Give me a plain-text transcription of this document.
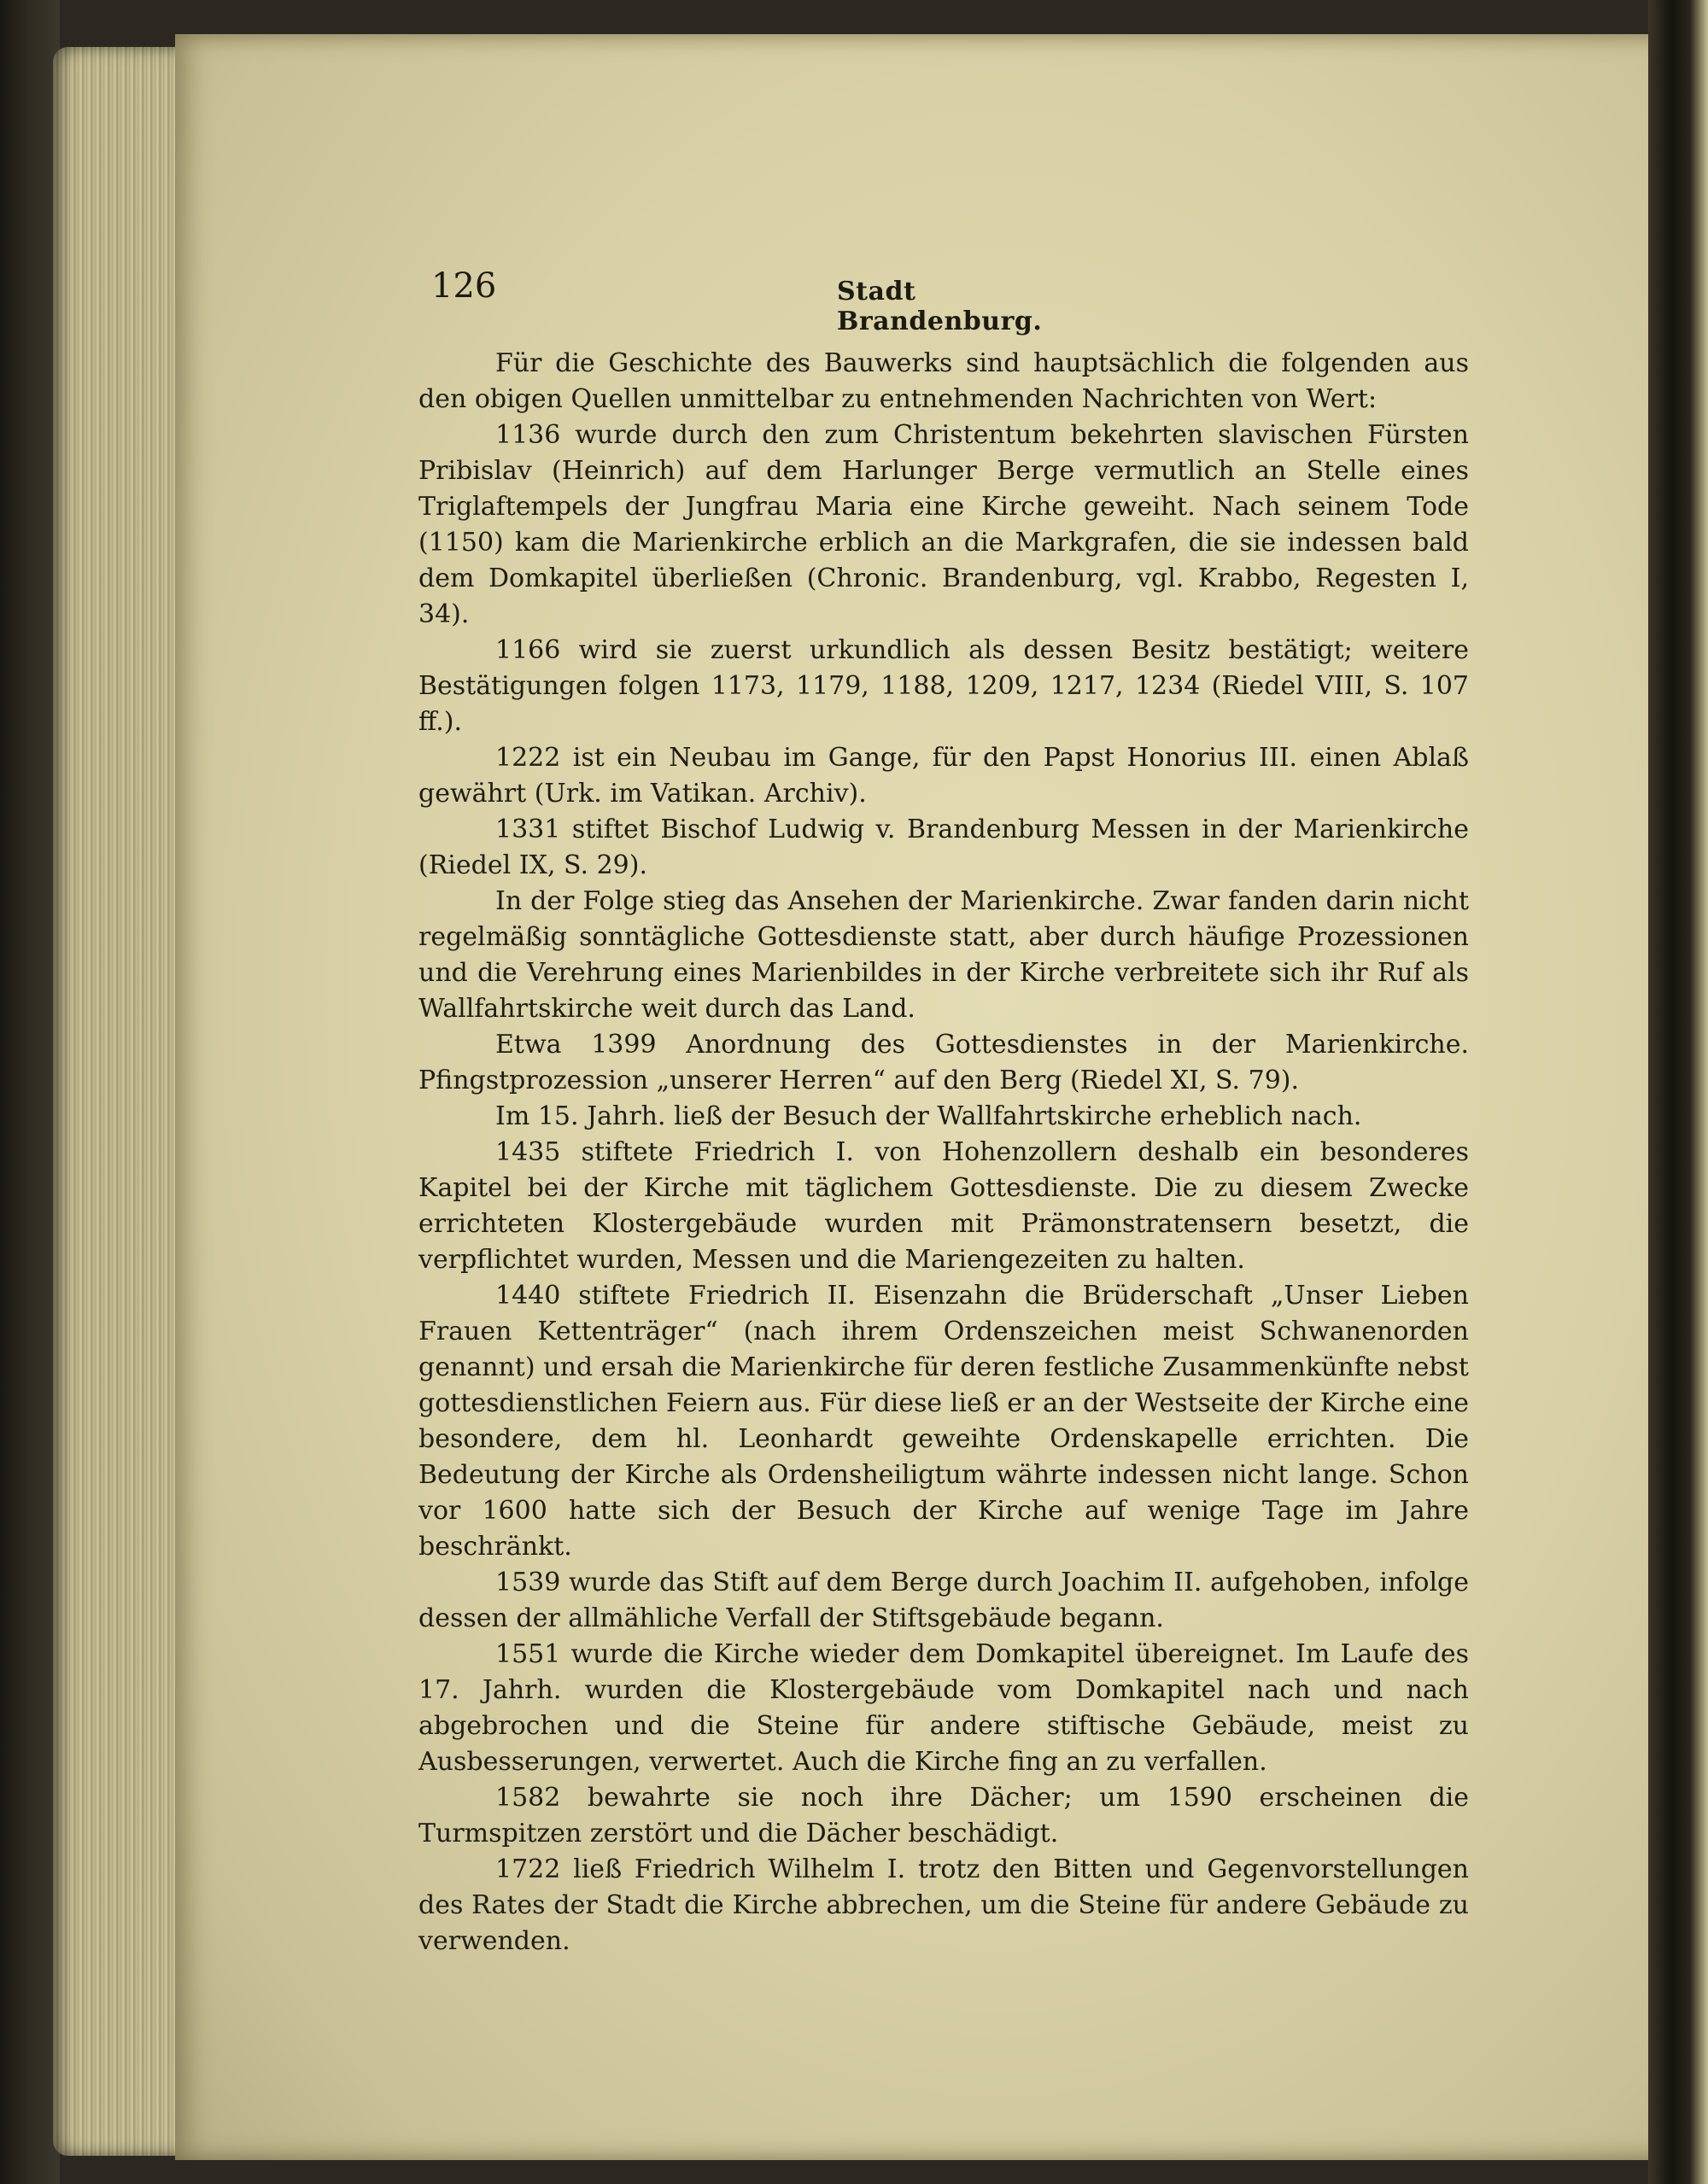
126	Stadt Brandenburg.

Für die Geschichte des Bauwerks sind hauptsächlich die folgenden aus den obigen Quellen unmittelbar zu entnehmenden Nachrichten von Wert:

1136 wurde durch den zum Christentum bekehrten slavischen Fürsten Pribislav (Heinrich) auf dem Harlunger Berge vermutlich an Stelle eines Triglaftempels der Jungfrau Maria eine Kirche geweiht. Nach seinem Tode (1150) kam die Marienkirche erblich an die Markgrafen, die sie indessen bald dem Domkapitel überließen (Chronic. Brandenburg, vgl. Krabbo, Regesten I, 34).

1166 wird sie zuerst urkundlich als dessen Besitz bestätigt; weitere Bestätigungen folgen 1173, 1179, 1188, 1209, 1217, 1234 (Riedel VIII, S. 107 ff.).

1222 ist ein Neubau im Gange, für den Papst Honorius III. einen Ablaß gewährt (Urk. im Vatikan. Archiv).

1331 stiftet Bischof Ludwig v. Brandenburg Messen in der Marienkirche (Riedel IX, S. 29).

In der Folge stieg das Ansehen der Marienkirche. Zwar fanden darin nicht regelmäßig sonntägliche Gottesdienste statt, aber durch häufige Prozessionen und die Verehrung eines Marienbildes in der Kirche verbreitete sich ihr Ruf als Wallfahrtskirche weit durch das Land.

Etwa 1399 Anordnung des Gottesdienstes in der Marienkirche. Pfingstprozession „unserer Herren“ auf den Berg (Riedel XI, S. 79).

Im 15. Jahrh. ließ der Besuch der Wallfahrtskirche erheblich nach.

1435 stiftete Friedrich I. von Hohenzollern deshalb ein besonderes Kapitel bei der Kirche mit täglichem Gottesdienste. Die zu diesem Zwecke errichteten Klostergebäude wurden mit Prämonstratensern besetzt, die verpflichtet wurden, Messen und die Mariengezeiten zu halten.

1440 stiftete Friedrich II. Eisenzahn die Brüderschaft „Unser Lieben Frauen Kettenträger“ (nach ihrem Ordenszeichen meist Schwanenorden genannt) und ersah die Marienkirche für deren festliche Zusammenkünfte nebst gottesdienstlichen Feiern aus. Für diese ließ er an der Westseite der Kirche eine besondere, dem hl. Leonhardt geweihte Ordenskapelle errichten. Die Bedeutung der Kirche als Ordensheiligtum währte indessen nicht lange. Schon vor 1600 hatte sich der Besuch der Kirche auf wenige Tage im Jahre beschränkt.

1539 wurde das Stift auf dem Berge durch Joachim II. aufgehoben, infolge dessen der allmähliche Verfall der Stiftsgebäude begann.

1551 wurde die Kirche wieder dem Domkapitel übereignet. Im Laufe des 17. Jahrh. wurden die Klostergebäude vom Domkapitel nach und nach abgebrochen und die Steine für andere stiftische Gebäude, meist zu Ausbesserungen, verwertet. Auch die Kirche fing an zu verfallen.

1582 bewahrte sie noch ihre Dächer; um 1590 erscheinen die Turmspitzen zerstört und die Dächer beschädigt.

1722 ließ Friedrich Wilhelm I. trotz den Bitten und Gegenvorstellungen des Rates der Stadt die Kirche abbrechen, um die Steine für andere Gebäude zu verwenden.
